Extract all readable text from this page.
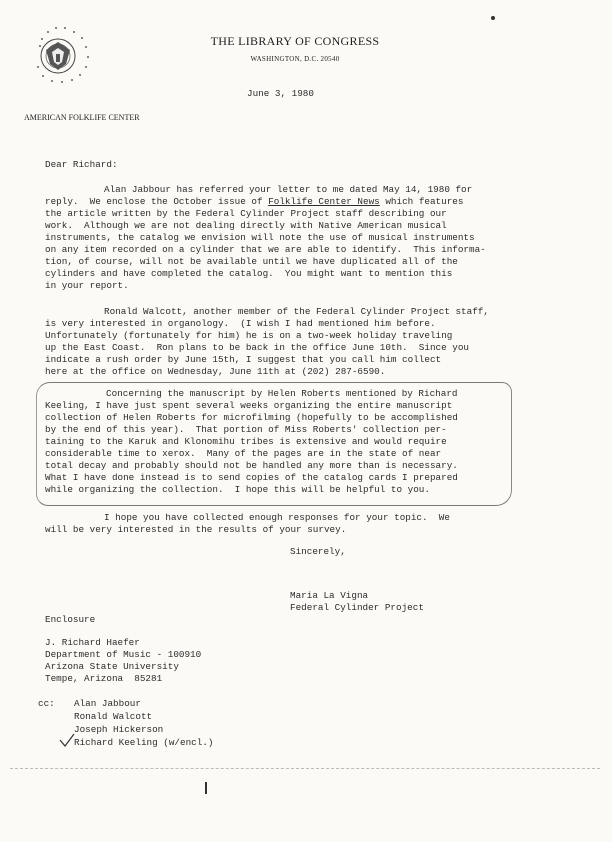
THE LIBRARY OF CONGRESS
WASHINGTON, D.C. 20540
AMERICAN FOLKLIFE CENTER
June 3, 1980
Dear Richard:
Alan Jabbour has referred your letter to me dated May 14, 1980 for
reply.  We enclose the October issue of Folklife Center News which features
the article written by the Federal Cylinder Project staff describing our
work.  Although we are not dealing directly with Native American musical
instruments, the catalog we envision will note the use of musical instruments
on any item recorded on a cylinder that we are able to identify.  This informa-
tion, of course, will not be available until we have duplicated all of the
cylinders and have completed the catalog.  You might want to mention this
in your report.
Ronald Walcott, another member of the Federal Cylinder Project staff,
is very interested in organology.  (I wish I had mentioned him before.
Unfortunately (fortunately for him) he is on a two-week holiday traveling
up the East Coast.  Ron plans to be back in the office June 10th.  Since you
indicate a rush order by June 15th, I suggest that you call him collect
here at the office on Wednesday, June 11th at (202) 287-6590.
Concerning the manuscript by Helen Roberts mentioned by Richard
Keeling, I have just spent several weeks organizing the entire manuscript
collection of Helen Roberts for microfilming (hopefully to be accomplished
by the end of this year).  That portion of Miss Roberts' collection per-
taining to the Karuk and Klonomihu tribes is extensive and would require
considerable time to xerox.  Many of the pages are in the state of near
total decay and probably should not be handled any more than is necessary.
What I have done instead is to send copies of the catalog cards I prepared
while organizing the collection.  I hope this will be helpful to you.
I hope you have collected enough responses for your topic.  We
will be very interested in the results of your survey.
Sincerely,
Maria La Vigna
Federal Cylinder Project
Enclosure
J. Richard Haefer
Department of Music - 100910
Arizona State University
Tempe, Arizona  85281
cc: Alan Jabbour
Ronald Walcott
Joseph Hickerson
Richard Keeling (w/encl.)
